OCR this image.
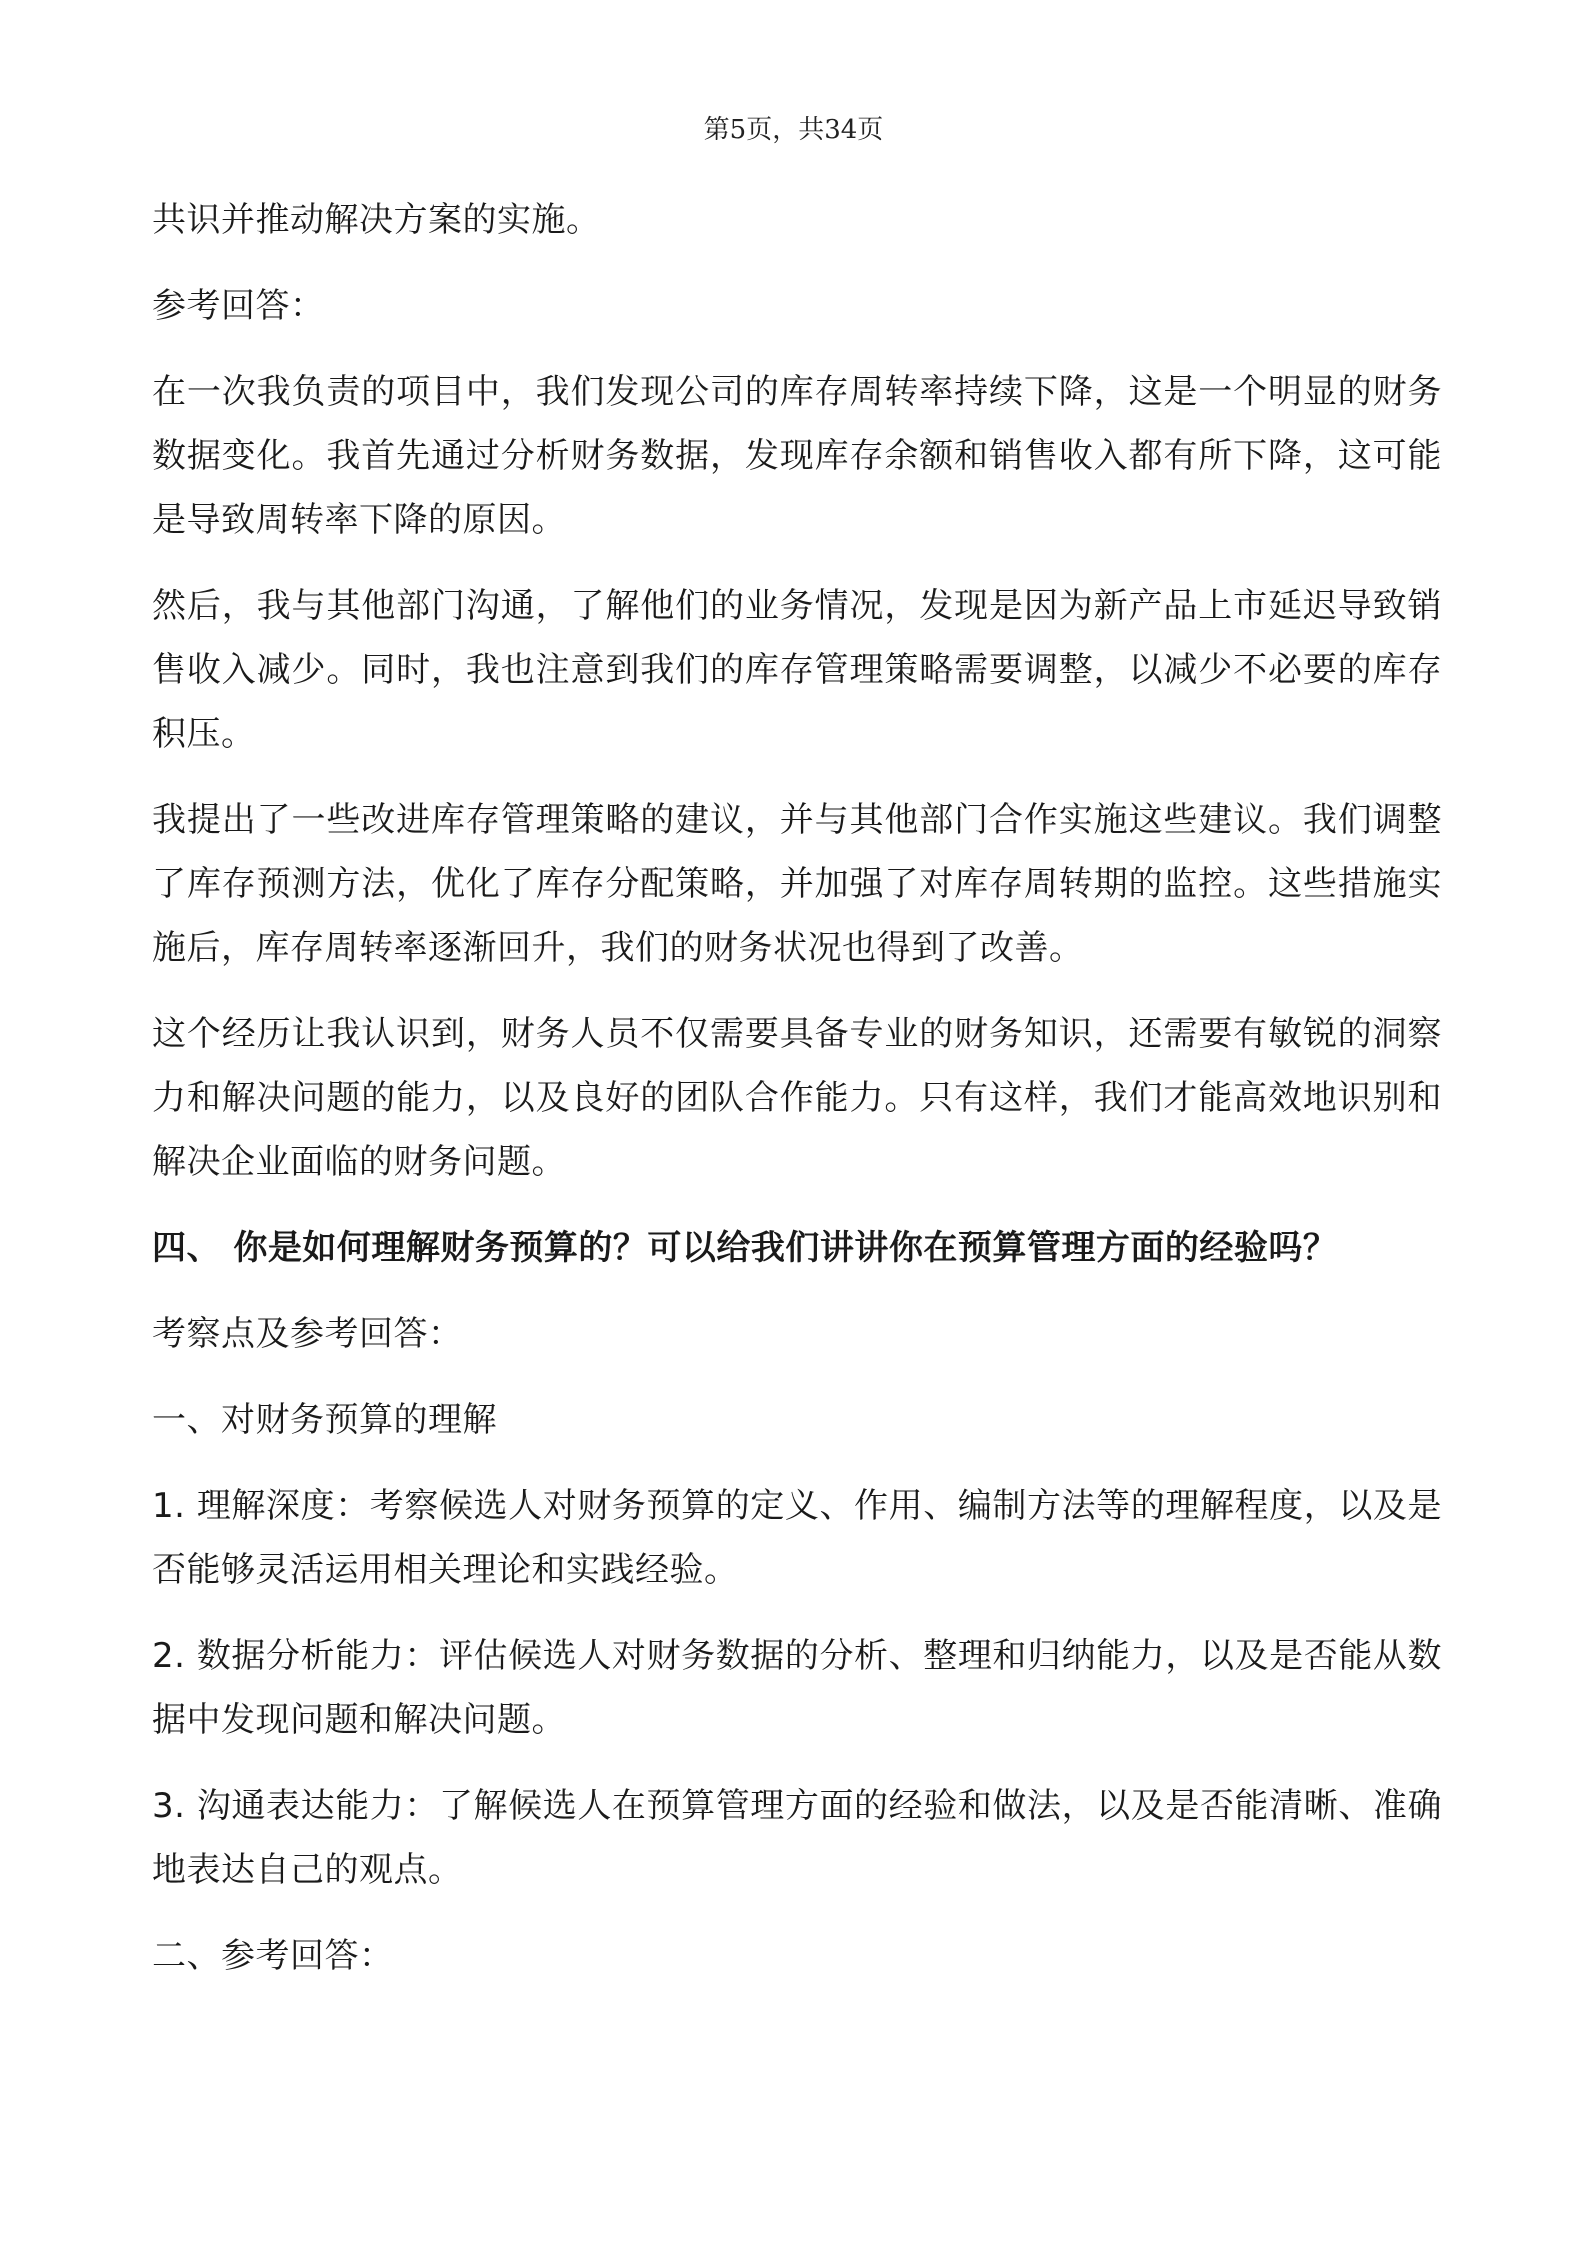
第5页，共34页

共识并推动解决方案的实施。

参考回答：

在一次我负责的项目中，我们发现公司的库存周转率持续下降，这是一个明显的财务数据变化。我首先通过分析财务数据，发现库存余额和销售收入都有所下降，这可能是导致周转率下降的原因。

然后，我与其他部门沟通，了解他们的业务情况，发现是因为新产品上市延迟导致销售收入减少。同时，我也注意到我们的库存管理策略需要调整，以减少不必要的库存积压。

我提出了一些改进库存管理策略的建议，并与其他部门合作实施这些建议。我们调整了库存预测方法，优化了库存分配策略，并加强了对库存周转期的监控。这些措施实施后，库存周转率逐渐回升，我们的财务状况也得到了改善。

这个经历让我认识到，财务人员不仅需要具备专业的财务知识，还需要有敏锐的洞察力和解决问题的能力，以及良好的团队合作能力。只有这样，我们才能高效地识别和解决企业面临的财务问题。

四、 你是如何理解财务预算的？可以给我们讲讲你在预算管理方面的经验吗？

考察点及参考回答：

一、对财务预算的理解

1. 理解深度：考察候选人对财务预算的定义、作用、编制方法等的理解程度，以及是否能够灵活运用相关理论和实践经验。

2. 数据分析能力：评估候选人对财务数据的分析、整理和归纳能力，以及是否能从数据中发现问题和解决问题。

3. 沟通表达能力：了解候选人在预算管理方面的经验和做法，以及是否能清晰、准确地表达自己的观点。

二、参考回答：
